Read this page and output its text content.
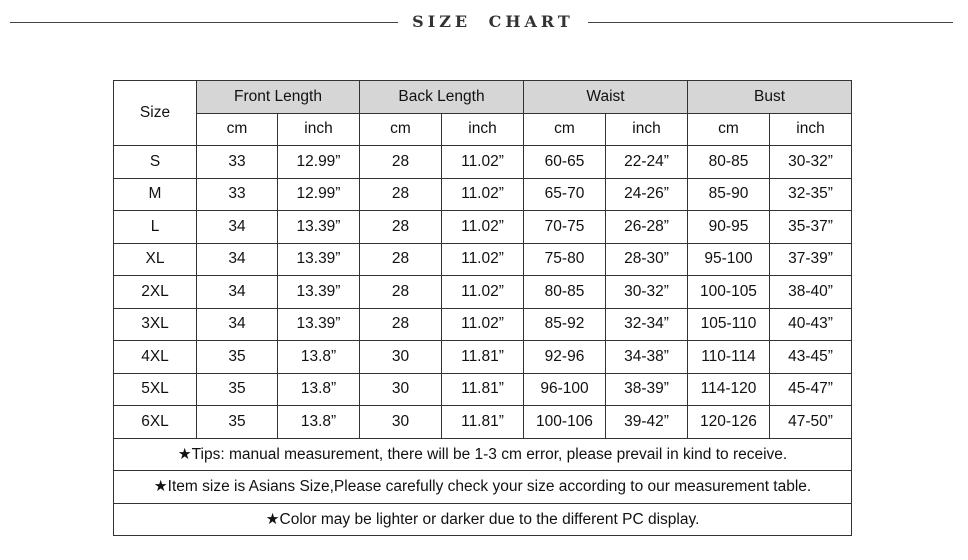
SIZE CHART
Size	Front Length		Back Length		Waist		Bust	
	cm	inch	cm	inch	cm	inch	cm	inch
S	33	12.99”	28	11.02”	60-65	22-24”	80-85	30-32”
M	33	12.99”	28	11.02”	65-70	24-26”	85-90	32-35”
L	34	13.39”	28	11.02”	70-75	26-28”	90-95	35-37”
XL	34	13.39”	28	11.02”	75-80	28-30”	95-100	37-39”
2XL	34	13.39”	28	11.02”	80-85	30-32”	100-105	38-40”
3XL	34	13.39”	28	11.02”	85-92	32-34”	105-110	40-43”
4XL	35	13.8”	30	11.81”	92-96	34-38”	110-114	43-45”
5XL	35	13.8”	30	11.81”	96-100	38-39”	114-120	45-47”
6XL	35	13.8”	30	11.81”	100-106	39-42”	120-126	47-50”
★Tips: manual measurement, there will be 1-3 cm error, please prevail in kind to receive.								
★Item size is Asians Size,Please carefully check your size according to our measurement table.								
★Color may be lighter or darker due to the different PC display.								
